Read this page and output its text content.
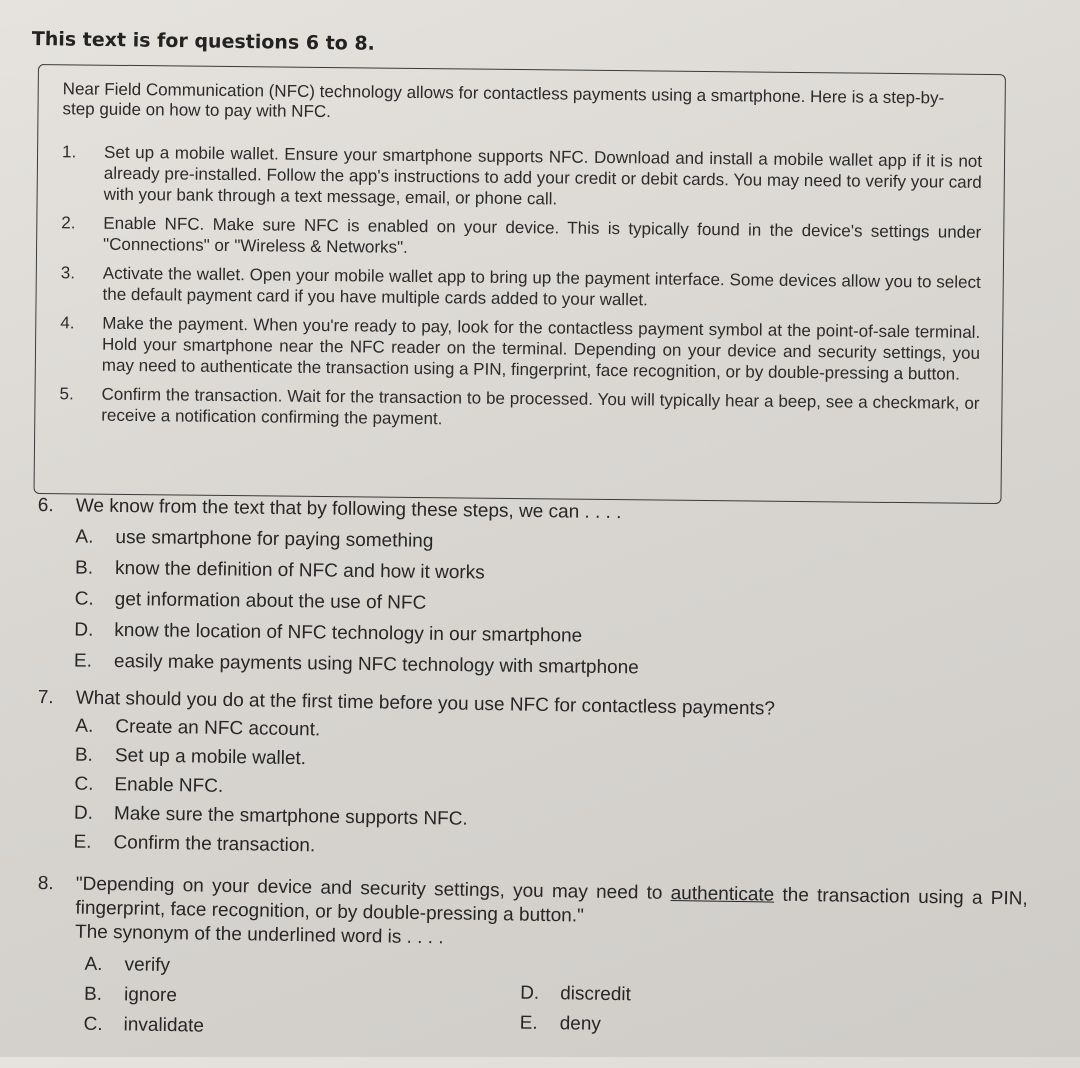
This text is for questions 6 to 8.
Near Field Communication (NFC) technology allows for contactless payments using a smartphone. Here is a step-by-step guide on how to pay with NFC.
1.	Set up a mobile wallet. Ensure your smartphone supports NFC. Download and install a mobile wallet app if it is not already pre-installed. Follow the app's instructions to add your credit or debit cards. You may need to verify your card with your bank through a text message, email, or phone call.
2.	Enable NFC. Make sure NFC is enabled on your device. This is typically found in the device's settings under "Connections" or "Wireless & Networks".
3.	Activate the wallet. Open your mobile wallet app to bring up the payment interface. Some devices allow you to select the default payment card if you have multiple cards added to your wallet.
4.	Make the payment. When you're ready to pay, look for the contactless payment symbol at the point-of-sale terminal. Hold your smartphone near the NFC reader on the terminal. Depending on your device and security settings, you may need to authenticate the transaction using a PIN, fingerprint, face recognition, or by double-pressing a button.
5.	Confirm the transaction. Wait for the transaction to be processed. You will typically hear a beep, see a checkmark, or receive a notification confirming the payment.
6.	We know from the text that by following these steps, we can . . . .
A.	use smartphone for paying something
B.	know the definition of NFC and how it works
C.	get information about the use of NFC
D.	know the location of NFC technology in our smartphone
E.	easily make payments using NFC technology with smartphone
7.	What should you do at the first time before you use NFC for contactless payments?
A.	Create an NFC account.
B.	Set up a mobile wallet.
C.	Enable NFC.
D.	Make sure the smartphone supports NFC.
E.	Confirm the transaction.
8.	"Depending on your device and security settings, you may need to authenticate the transaction using a PIN, fingerprint, face recognition, or by double-pressing a button."
The synonym of the underlined word is . . . .
A.	verify
B.	ignore
C.	invalidate
D.	discredit
E.	deny
